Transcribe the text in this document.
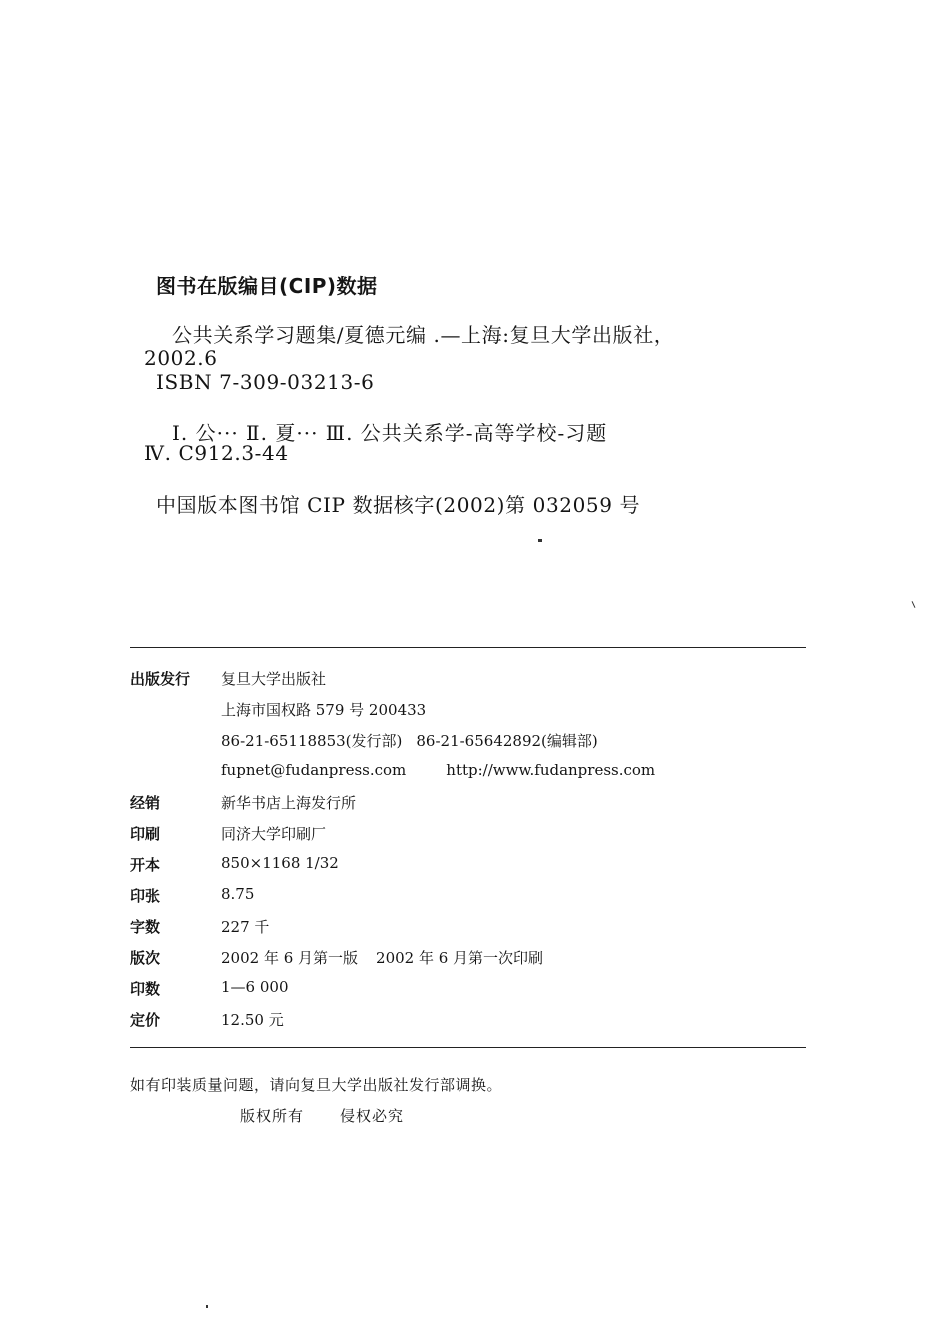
图书在版编目(CIP)数据
公共关系学习题集/夏德元编 .—上海:复旦大学出版社，
2002.6
ISBN 7-309-03213-6
Ⅰ. 公··· Ⅱ. 夏··· Ⅲ. 公共关系学-高等学校-习题
Ⅳ. C912.3-44
中国版本图书馆 CIP 数据核字(2002)第 032059 号
出版发行 复旦大学出版社
上海市国权路 579 号 200433
86-21-65118853(发行部) 86-21-65642892(编辑部)
fupnet@fudanpress.com	http://www.fudanpress.com
经销	新华书店上海发行所
印刷	同济大学印刷厂
开本	850×1168 1/32
印张	8.75
字数	227 千
版次	2002 年 6 月第一版 2002 年 6 月第一次印刷
印数	1—6 000
定价	12.50 元
如有印装质量问题，请向复旦大学出版社发行部调换。
版权所有 侵权必究
